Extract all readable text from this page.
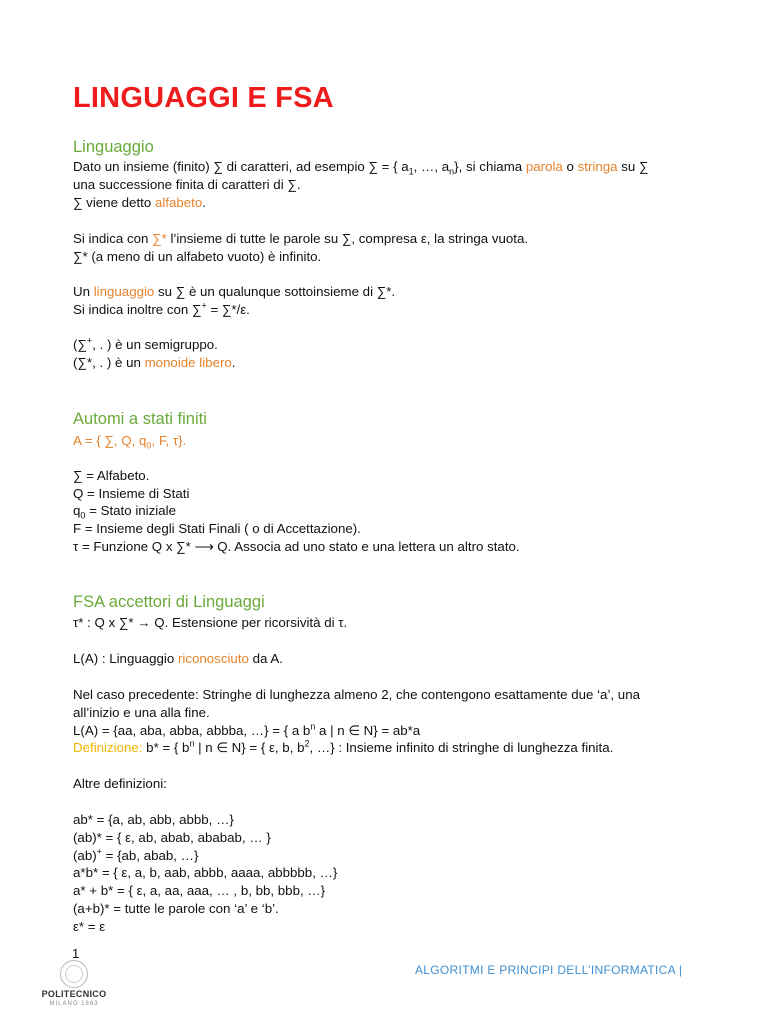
LINGUAGGI E FSA
Linguaggio
Dato un insieme (finito) ∑ di caratteri, ad esempio ∑ = { $a_1$, …, $a_n$}, si chiama parola o stringa su ∑
una successione finita di caratteri di ∑.
∑ viene detto alfabeto.
Si indica con ∑* l’insieme di tutte le parole su ∑, compresa ε, la stringa vuota.
∑* (a meno di un alfabeto vuoto) è infinito.
Un linguaggio su ∑ è un qualunque sottoinsieme di ∑*.
Si indica inoltre con ∑+ = ∑*/ε.
(∑+, . ) è un semigruppo.
(∑*, . ) è un monoide libero.
Automi a stati finiti
A = { ∑, Q, $q_0$, F, τ}.
∑ = Alfabeto.
Q = Insieme di Stati
$q_0$ = Stato iniziale
F = Insieme degli Stati Finali ( o di Accettazione).
τ = Funzione Q x ∑* ⟶ Q. Associa ad uno stato e una lettera un altro stato.
FSA accettori di Linguaggi
τ* : Q x ∑* → Q. Estensione per ricorsività di τ.
L(A) : Linguaggio riconosciuto da A.
Nel caso precedente: Stringhe di lunghezza almeno 2, che contengono esattamente due ‘a’, una
all’inizio e una alla fine.
L(A) = {aa, aba, abba, abbba, …} = { a $b^n$ a | n ∈ N} = ab*a
Definizione: b* = { $b^n$ | n ∈ N} = { ε, b, $b^2$, …} : Insieme infinito di stringhe di lunghezza finita.
Altre definizioni:
ab* = {a, ab, abb, abbb, …}
(ab)* = { ε, ab, abab, ababab, … }
(ab)+ = {ab, abab, …}
a*b* = { ε, a, b, aab, abbb, aaaa, abbbbb, …}
a* + b* = { ε, a, aa, aaa, … , b, bb, bbb, …}
(a+b)* = tutte le parole con ‘a’ e ‘b’.
ε* = ε
1
POLITECNICO
MILANO 1863
ALGORITMI E PRINCIPI DELL’INFORMATICA |
